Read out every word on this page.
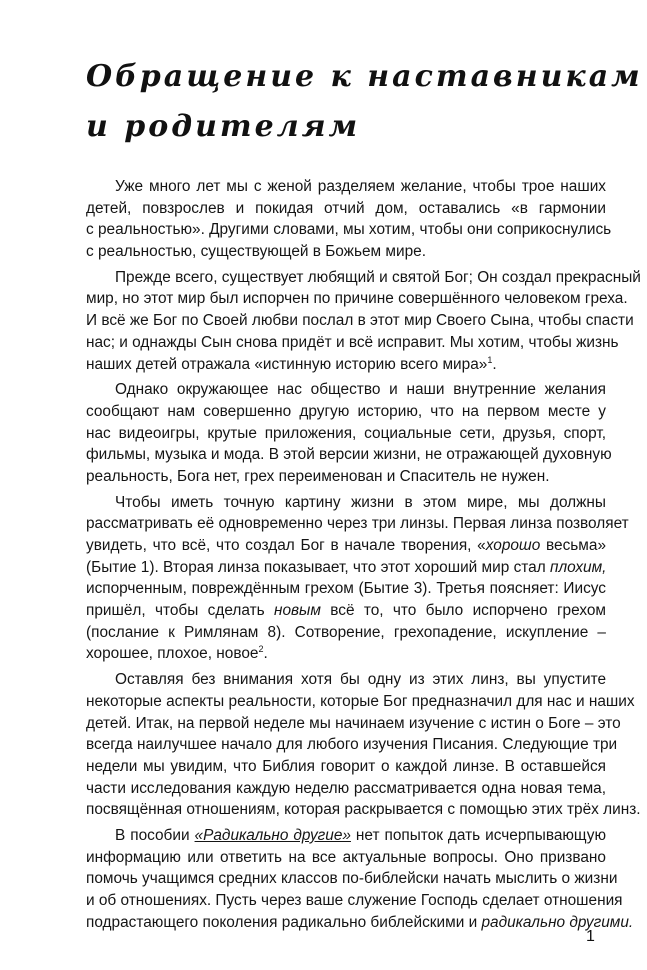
Обращение к наставникам
и родителям
Уже много лет мы с женой разделяем желание, чтобы трое наших
детей, повзрослев и покидая отчий дом, оставались «в гармонии
с реальностью». Другими словами, мы хотим, чтобы они соприкоснулись
с реальностью, существующей в Божьем мире.
Прежде всего, существует любящий и святой Бог; Он создал прекрасный
мир, но этот мир был испорчен по причине совершённого человеком греха.
И всё же Бог по Своей любви послал в этот мир Своего Сына, чтобы спасти
нас; и однажды Сын снова придёт и всё исправит. Мы хотим, чтобы жизнь
наших детей отражала «истинную историю всего мира»$^1$.
Однако окружающее нас общество и наши внутренние желания
сообщают нам совершенно другую историю, что на первом месте у
нас видеоигры, крутые приложения, социальные сети, друзья, спорт,
фильмы, музыка и мода. В этой версии жизни, не отражающей духовную
реальность, Бога нет, грех переименован и Спаситель не нужен.
Чтобы иметь точную картину жизни в этом мире, мы должны
рассматривать её одновременно через три линзы. Первая линза позволяет
увидеть, что всё, что создал Бог в начале творения, «хорошо весьма»
(Бытие 1). Вторая линза показывает, что этот хороший мир стал плохим,
испорченным, повреждённым грехом (Бытие 3). Третья поясняет: Иисус
пришёл, чтобы сделать новым всё то, что было испорчено грехом
(послание к Римлянам 8). Сотворение, грехопадение, искупление –
хорошее, плохое, новое$^2$.
Оставляя без внимания хотя бы одну из этих линз, вы упустите
некоторые аспекты реальности, которые Бог предназначил для нас и наших
детей. Итак, на первой неделе мы начинаем изучение с истин о Боге – это
всегда наилучшее начало для любого изучения Писания. Следующие три
недели мы увидим, что Библия говорит о каждой линзе. В оставшейся
части исследования каждую неделю рассматривается одна новая тема,
посвящённая отношениям, которая раскрывается с помощью этих трёх линз.
В пособии «Радикально другие» нет попыток дать исчерпывающую
информацию или ответить на все актуальные вопросы. Оно призвано
помочь учащимся средних классов по-библейски начать мыслить о жизни
и об отношениях. Пусть через ваше служение Господь сделает отношения
подрастающего поколения радикально библейскими и радикально другими.
1
